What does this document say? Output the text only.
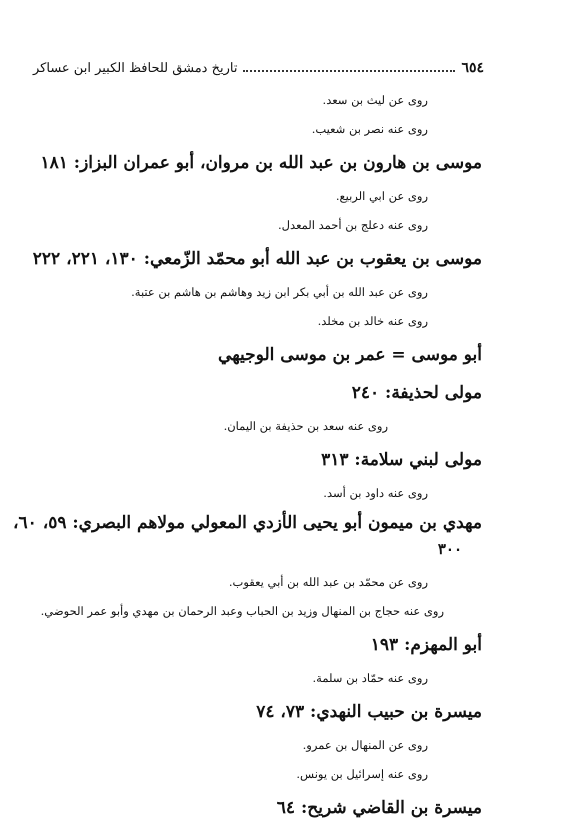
٦٥٤
تاريخ دمشق للحافظ الكبير ابن عساكر
روى عن ليث بن سعد.
روى عنه نصر بن شعيب.
موسى بن هارون بن عبد الله بن مروان، أبو عمران البزاز: ١٨١
روى عن ابي الربيع.
روى عنه دعلج بن أحمد المعدل.
موسى بن يعقوب بن عبد الله أبو محمّد الزّمعي: ١٣٠، ٢٢١، ٢٢٢
روى عن عبد الله بن أبي بكر ابن زيد وهاشم بن هاشم بن عتبة.
روى عنه خالد بن مخلد.
أبو موسى = عمر بن موسى الوجيهي
مولى لحذيفة: ٢٤٠
روى عنه سعد بن حذيفة بن اليمان.
مولى لبني سلامة: ٣١٣
روى عنه داود بن أسد.
مهدي بن ميمون أبو يحيى الأزدي المعولي مولاهم البصري: ٥٩، ٦٠،
٣٠٠
روى عن محمّد بن عبد الله بن أبي يعقوب.
روى عنه حجاج بن المنهال وزيد بن الحباب وعبد الرحمان بن مهدي وأبو عمر الحوضي.
أبو المهزم: ١٩٣
روى عنه حمّاد بن سلمة.
ميسرة بن حبيب النهدي: ٧٣، ٧٤
روى عن المنهال بن عمرو.
روى عنه إسرائيل بن يونس.
ميسرة بن القاضي شريح: ٦٤
